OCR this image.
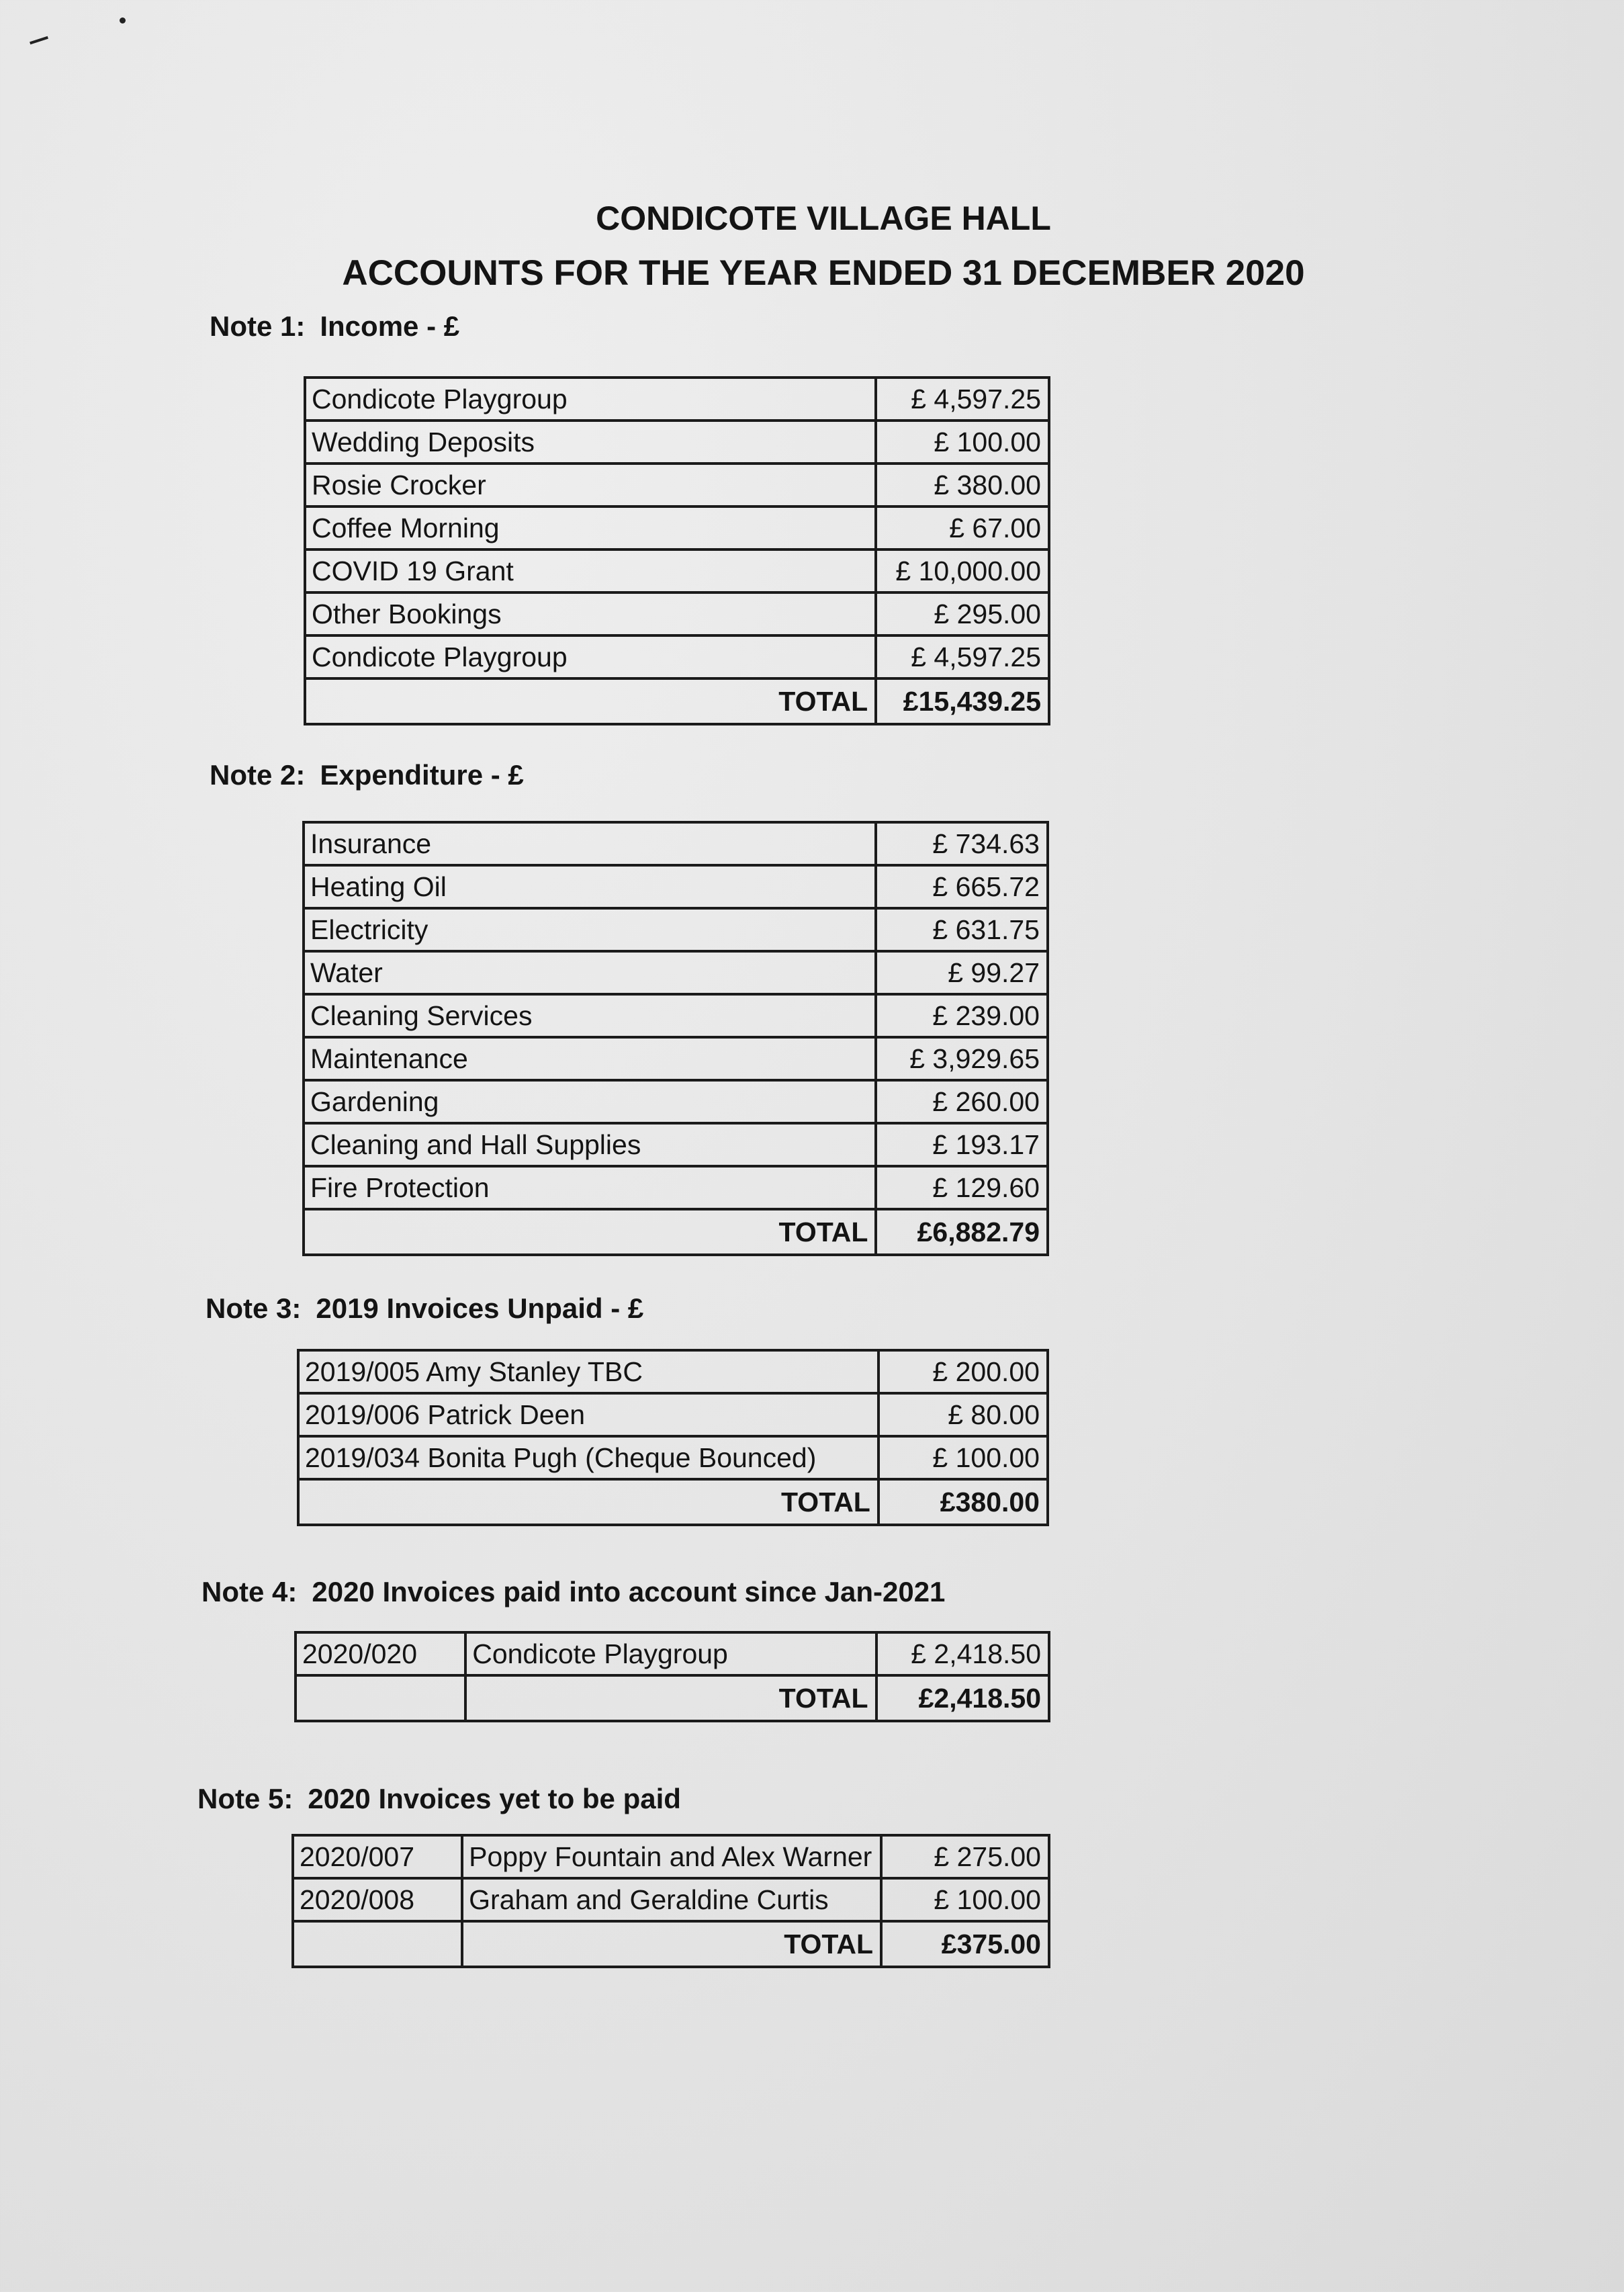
CONDICOTE VILLAGE HALL
ACCOUNTS FOR THE YEAR ENDED 31 DECEMBER 2020

Note 1: Income - £

Condicote Playgroup	£ 4,597.25
Wedding Deposits	£ 100.00
Rosie Crocker	£ 380.00
Coffee Morning	£ 67.00
COVID 19 Grant	£ 10,000.00
Other Bookings	£ 295.00
Condicote Playgroup	£ 4,597.25
TOTAL	£15,439.25

Note 2: Expenditure - £

Insurance	£ 734.63
Heating Oil	£ 665.72
Electricity	£ 631.75
Water	£ 99.27
Cleaning Services	£ 239.00
Maintenance	£ 3,929.65
Gardening	£ 260.00
Cleaning and Hall Supplies	£ 193.17
Fire Protection	£ 129.60
TOTAL	£6,882.79

Note 3: 2019 Invoices Unpaid - £

2019/005 Amy Stanley TBC	£ 200.00
2019/006 Patrick Deen	£ 80.00
2019/034 Bonita Pugh (Cheque Bounced)	£ 100.00
TOTAL	£380.00

Note 4: 2020 Invoices paid into account since Jan-2021

2020/020	Condicote Playgroup	£ 2,418.50
	TOTAL	£2,418.50

Note 5: 2020 Invoices yet to be paid

2020/007	Poppy Fountain and Alex Warner	£ 275.00
2020/008	Graham and Geraldine Curtis	£ 100.00
	TOTAL	£375.00
